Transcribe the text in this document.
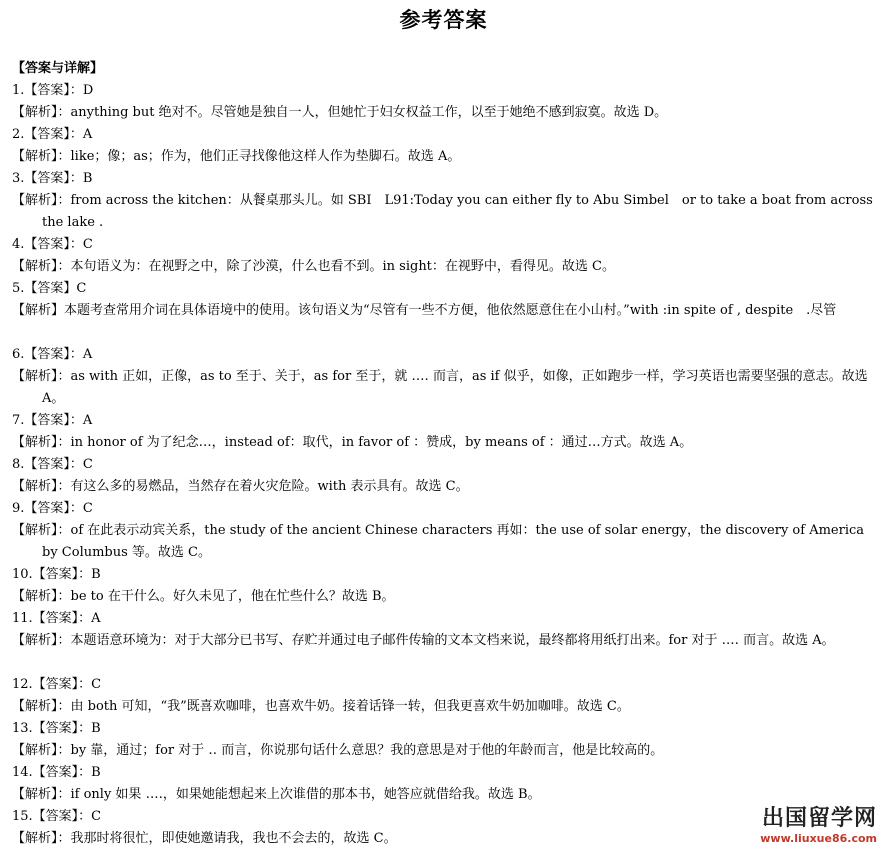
参考答案
【答案与详解】
1.【答案】：D
【解析】：anything but 绝对不。尽管她是独自一人，但她忙于妇女权益工作，以至于她绝不感到寂寞。故选 D。
2.【答案】：A
【解析】：like；像；as；作为，他们正寻找像他这样人作为垫脚石。故选 A。
3.【答案】：B
【解析】：from across the kitchen：从餐桌那头儿。如 SBI　L91:Today you can either fly to Abu Simbel　or to take a boat from across the lake .
4.【答案】：C
【解析】：本句语义为：在视野之中，除了沙漠，什么也看不到。in sight：在视野中，看得见。故选 C。
5.【答案】C
【解析】本题考查常用介词在具体语境中的使用。该句语义为“尽管有一些不方便，他依然愿意住在小山村。”with :in spite of , despite　.尽管
6.【答案】：A
【解析】：as with 正如，正像，as to 至于、关于，as for 至于，就 ‥‥ 而言，as if 似乎，如像，正如跑步一样，学习英语也需要坚强的意志。故选 A。
7.【答案】：A
【解析】：in honor of 为了纪念…，instead of：取代，in favor of ：赞成，by means of ：通过…方式。故选 A。
8.【答案】：C
【解析】：有这么多的易燃品，当然存在着火灾危险。with 表示具有。故选 C。
9.【答案】：C
【解析】：of 在此表示动宾关系，the study of the ancient Chinese characters 再如：the use of solar energy，the discovery of America by Columbus 等。故选 C。
10.【答案】：B
【解析】：be to 在干什么。好久未见了，他在忙些什么？故选 B。
11.【答案】：A
【解析】：本题语意环境为：对于大部分已书写、存贮并通过电子邮件传输的文本文档来说，最终都将用纸打出来。for 对于 ‥‥ 而言。故选 A。
12.【答案】：C
【解析】：由 both 可知，“我”既喜欢咖啡，也喜欢牛奶。接着话锋一转，但我更喜欢牛奶加咖啡。故选 C。
13.【答案】：B
【解析】：by 靠，通过；for 对于 ‥ 而言，你说那句话什么意思？我的意思是对于他的年龄而言，他是比较高的。
14.【答案】：B
【解析】：if only 如果 ‥‥，如果她能想起来上次谁借的那本书，她答应就借给我。故选 B。
15.【答案】：C
【解析】：我那时将很忙，即使她邀请我，我也不会去的，故选 C。
出国留学网
www.liuxue86.com
